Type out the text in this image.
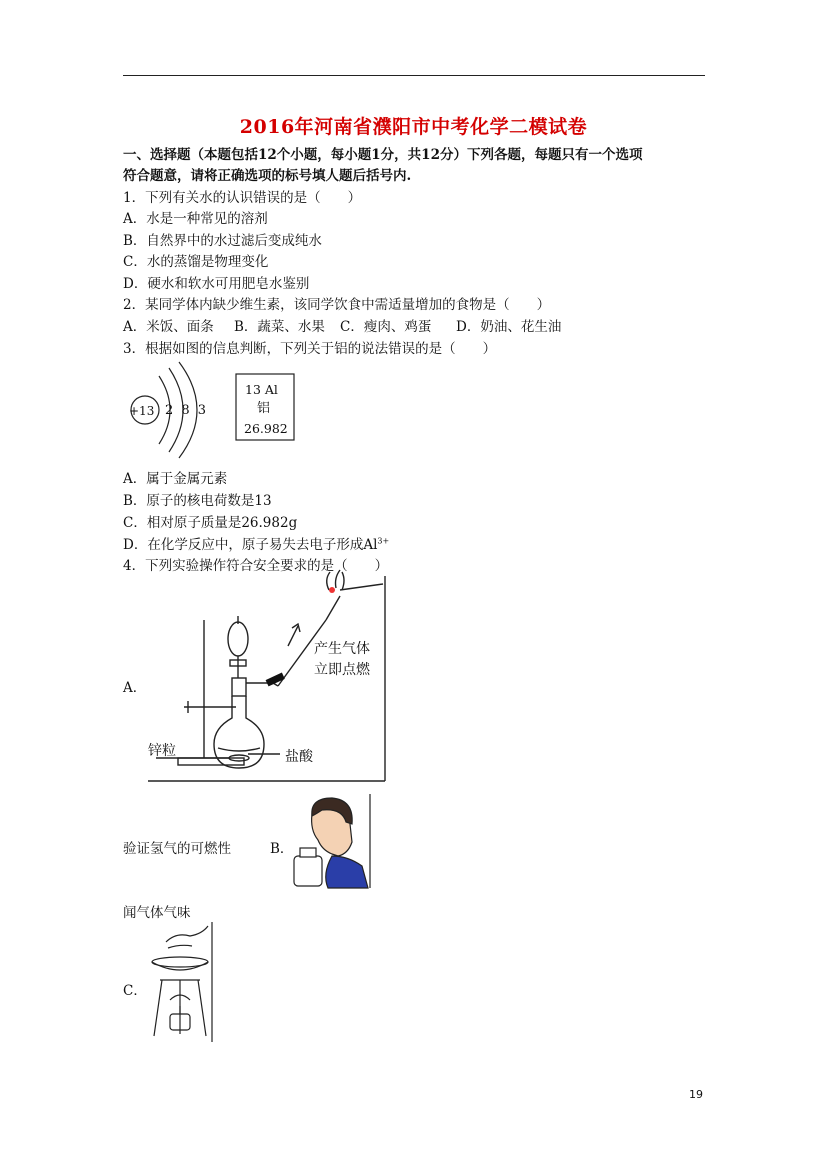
2016年河南省濮阳市中考化学二模试卷
一、选择题（本题包括12个小题，每小题1分，共12分）下列各题，每题只有一个选项
符合题意，请将正确选项的标号填人题后括号内.
1．下列有关水的认识错误的是（　　）
A．水是一种常见的溶剂
B．自然界中的水过滤后变成纯水
C．水的蒸馏是物理变化
D．硬水和软水可用肥皂水鉴别
2．某同学体内缺少维生素，该同学饮食中需适量增加的食物是（　　）
A．米饭、面条 B．蔬菜、水果 C．瘦肉、鸡蛋 D．奶油、花生油
3．根据如图的信息判断，下列关于铝的说法错误的是（　　）
+13 2 8 3
13 Al
铝
26.982
A．属于金属元素
B．原子的核电荷数是13
C．相对原子质量是26.982g
D．在化学反应中，原子易失去电子形成$Al^{3+}$
4．下列实验操作符合安全要求的是（　　）
A．
产生气体
立即点燃
锌粒	盐酸
验证氢气的可燃性	B．
闻气体气味
C．
19
